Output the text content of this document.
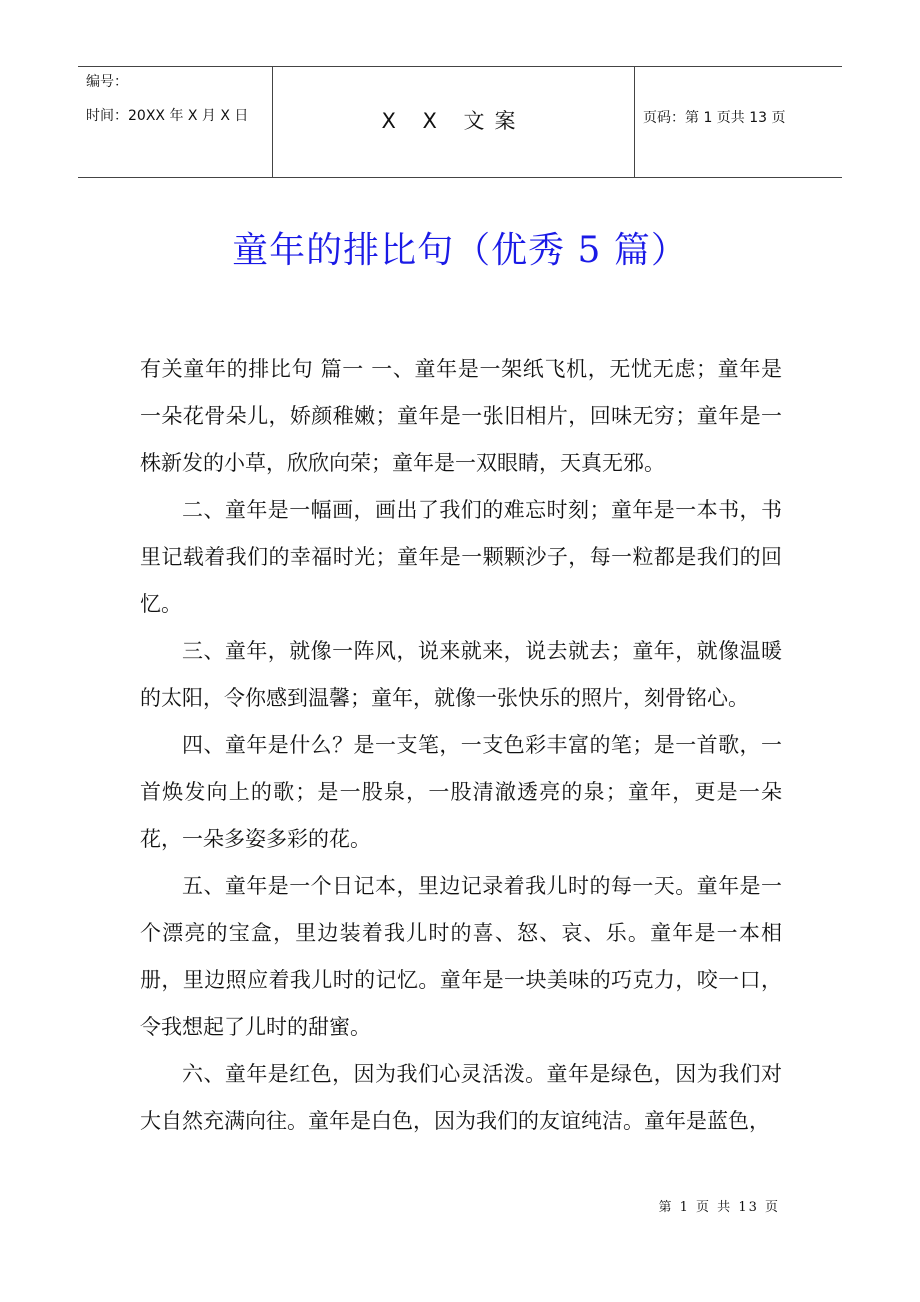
编号：
时间：20XX 年 X 月 X 日	X X 文案	页码：第 1 页共 13 页
童年的排比句（优秀 5 篇）

有关童年的排比句 篇一 一、童年是一架纸飞机，无忧无虑；童年是一朵花骨朵儿，娇颜稚嫩；童年是一张旧相片，回味无穷；童年是一株新发的小草，欣欣向荣；童年是一双眼睛，天真无邪。

二、童年是一幅画，画出了我们的难忘时刻；童年是一本书，书里记载着我们的幸福时光；童年是一颗颗沙子，每一粒都是我们的回忆。

三、童年，就像一阵风，说来就来，说去就去；童年，就像温暖的太阳，令你感到温馨；童年，就像一张快乐的照片，刻骨铭心。

四、童年是什么？是一支笔，一支色彩丰富的笔；是一首歌，一首焕发向上的歌；是一股泉，一股清澈透亮的泉；童年，更是一朵花，一朵多姿多彩的花。

五、童年是一个日记本，里边记录着我儿时的每一天。童年是一个漂亮的宝盒，里边装着我儿时的喜、怒、哀、乐。童年是一本相册，里边照应着我儿时的记忆。童年是一块美味的巧克力，咬一口，令我想起了儿时的甜蜜。

六、童年是红色，因为我们心灵活泼。童年是绿色，因为我们对大自然充满向往。童年是白色，因为我们的友谊纯洁。童年是蓝色，

第 1 页 共 13 页
